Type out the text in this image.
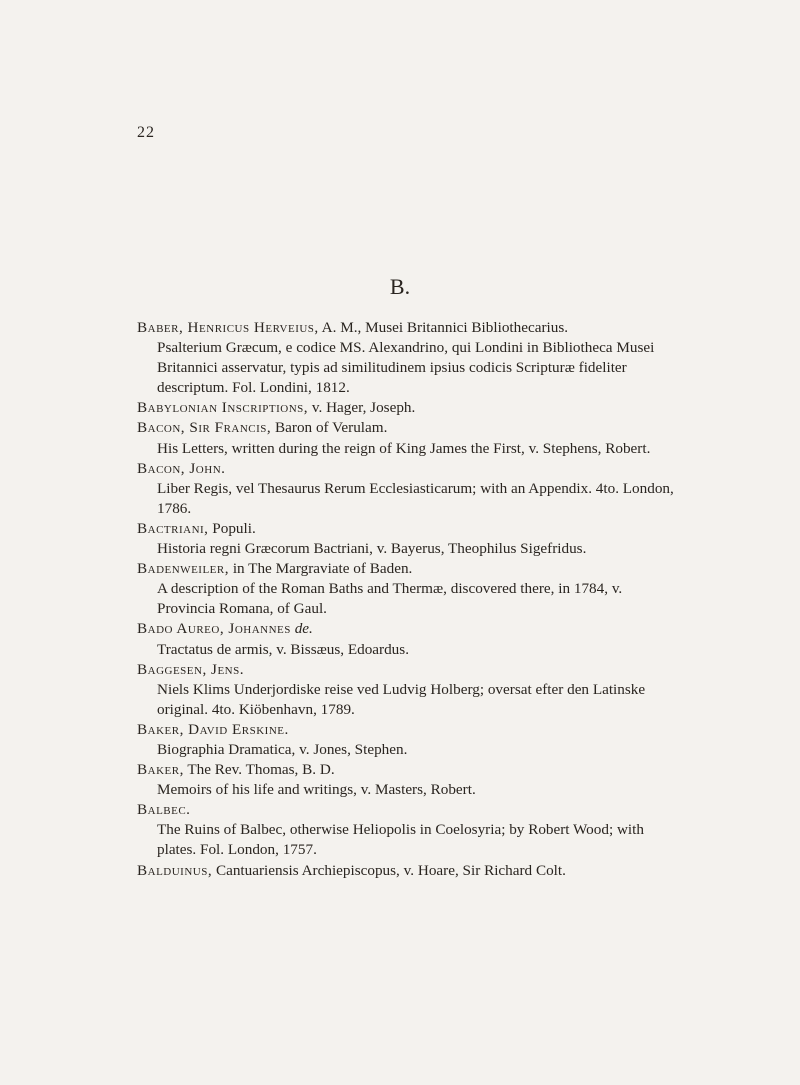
22
B.
Baber, Henricus Herveius, A. M., Musei Britannici Bibliothecarius.
Psalterium Græcum, e codice MS. Alexandrino, qui Londini in Bibliotheca Musei Britannici asservatur, typis ad similitudinem ipsius codicis Scripturæ fideliter descriptum. Fol. Londini, 1812.
Babylonian Inscriptions, v. Hager, Joseph.
Bacon, Sir Francis, Baron of Verulam.
His Letters, written during the reign of King James the First, v. Stephens, Robert.
Bacon, John.
Liber Regis, vel Thesaurus Rerum Ecclesiasticarum; with an Appendix. 4to. London, 1786.
Bactriani, Populi.
Historia regni Græcorum Bactriani, v. Bayerus, Theophilus Sigefridus.
Badenweiler, in The Margraviate of Baden.
A description of the Roman Baths and Thermæ, discovered there, in 1784, v. Provincia Romana, of Gaul.
Bado Aureo, Johannes de.
Tractatus de armis, v. Bissæus, Edoardus.
Baggesen, Jens.
Niels Klims Underjordiske reise ved Ludvig Holberg; oversat efter den Latinske original. 4to. Kiöbenhavn, 1789.
Baker, David Erskine.
Biographia Dramatica, v. Jones, Stephen.
Baker, The Rev. Thomas, B. D.
Memoirs of his life and writings, v. Masters, Robert.
Balbec.
The Ruins of Balbec, otherwise Heliopolis in Coelosyria; by Robert Wood; with plates. Fol. London, 1757.
Balduinus, Cantuariensis Archiepiscopus, v. Hoare, Sir Richard Colt.
